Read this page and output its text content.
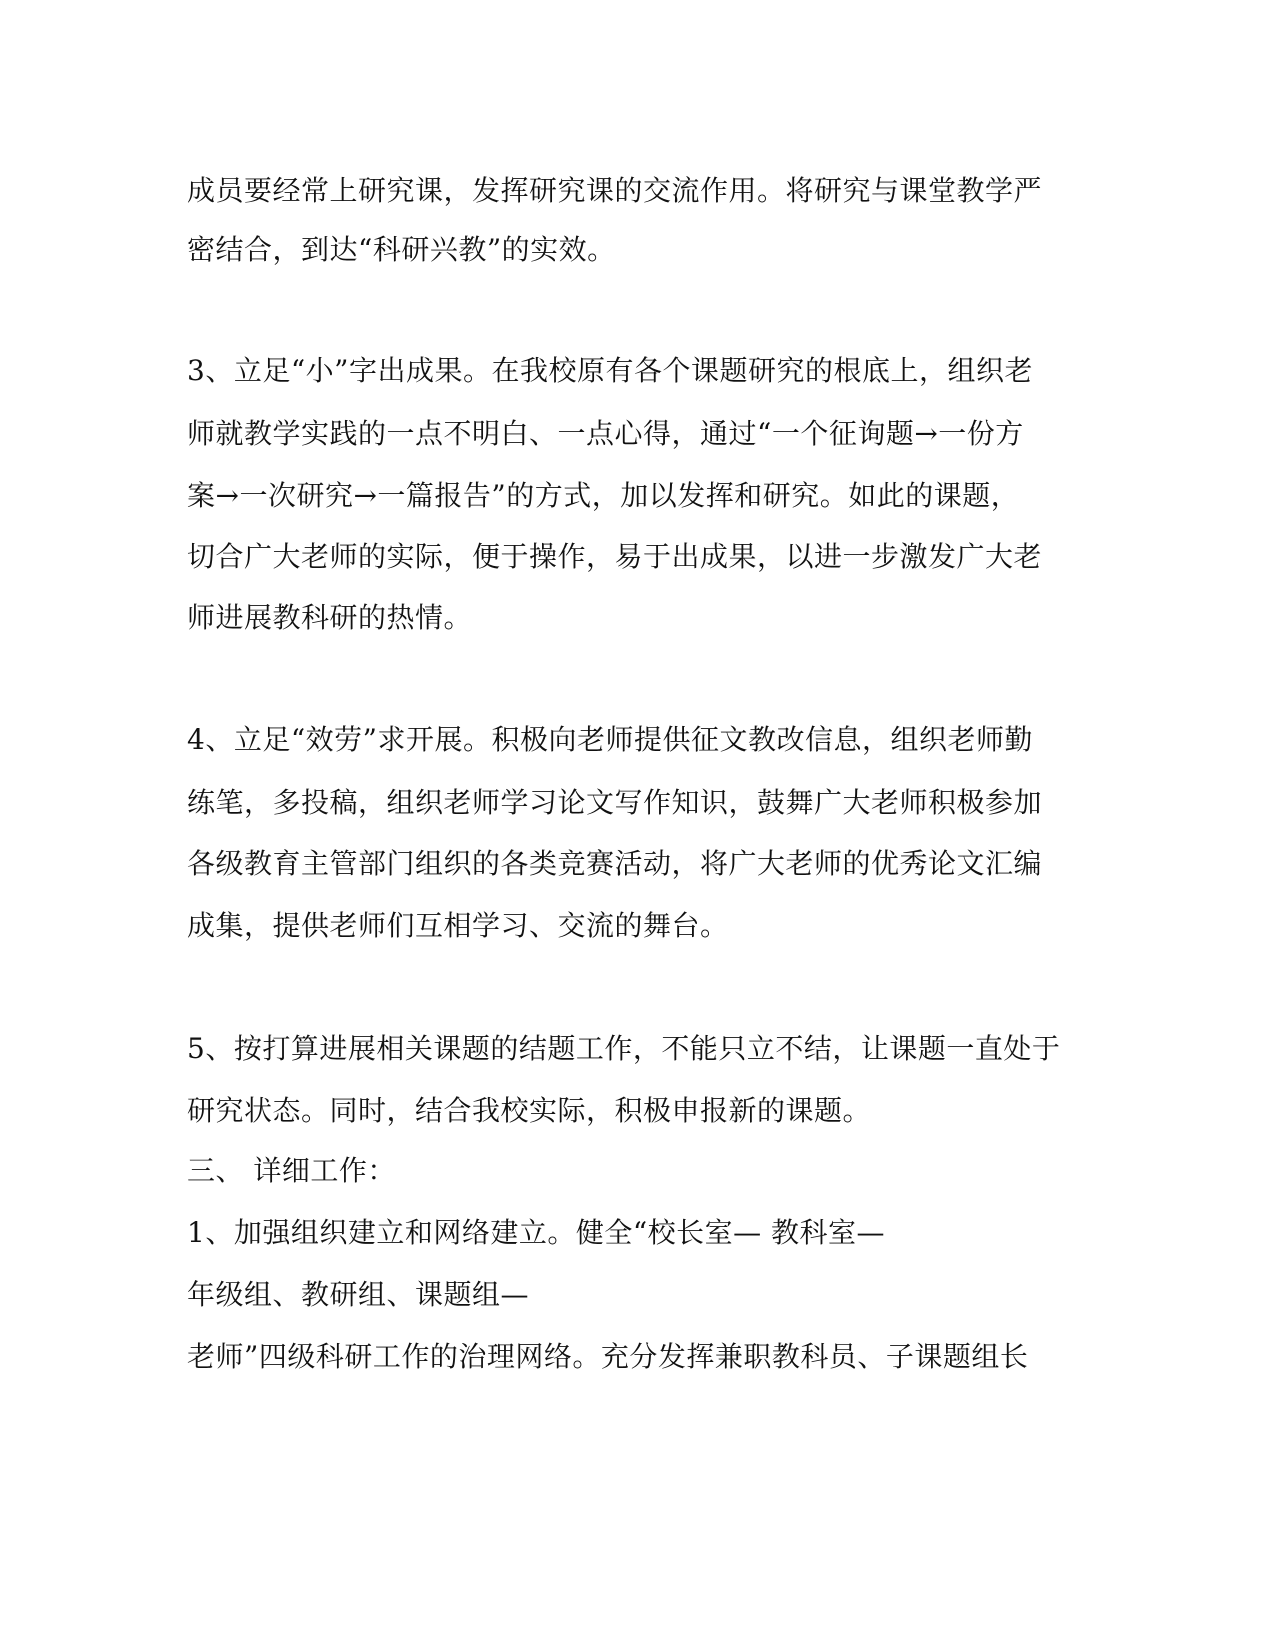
成员要经常上研究课，发挥研究课的交流作用。将研究与课堂教学严
密结合，到达“科研兴教”的实效。
3、立足“小”字出成果。在我校原有各个课题研究的根底上，组织老
师就教学实践的一点不明白、一点心得，通过“一个征询题→一份方
案→一次研究→一篇报告”的方式，加以发挥和研究。如此的课题，
切合广大老师的实际，便于操作，易于出成果，以进一步激发广大老
师进展教科研的热情。
4、立足“效劳”求开展。积极向老师提供征文教改信息，组织老师勤
练笔，多投稿，组织老师学习论文写作知识，鼓舞广大老师积极参加
各级教育主管部门组织的各类竞赛活动，将广大老师的优秀论文汇编
成集，提供老师们互相学习、交流的舞台。
5、按打算进展相关课题的结题工作，不能只立不结，让课题一直处于
研究状态。同时，结合我校实际，积极申报新的课题。
三、 详细工作：
1、加强组织建立和网络建立。健全“校长室— 教科室—
年级组、教研组、课题组—
老师”四级科研工作的治理网络。充分发挥兼职教科员、子课题组长
